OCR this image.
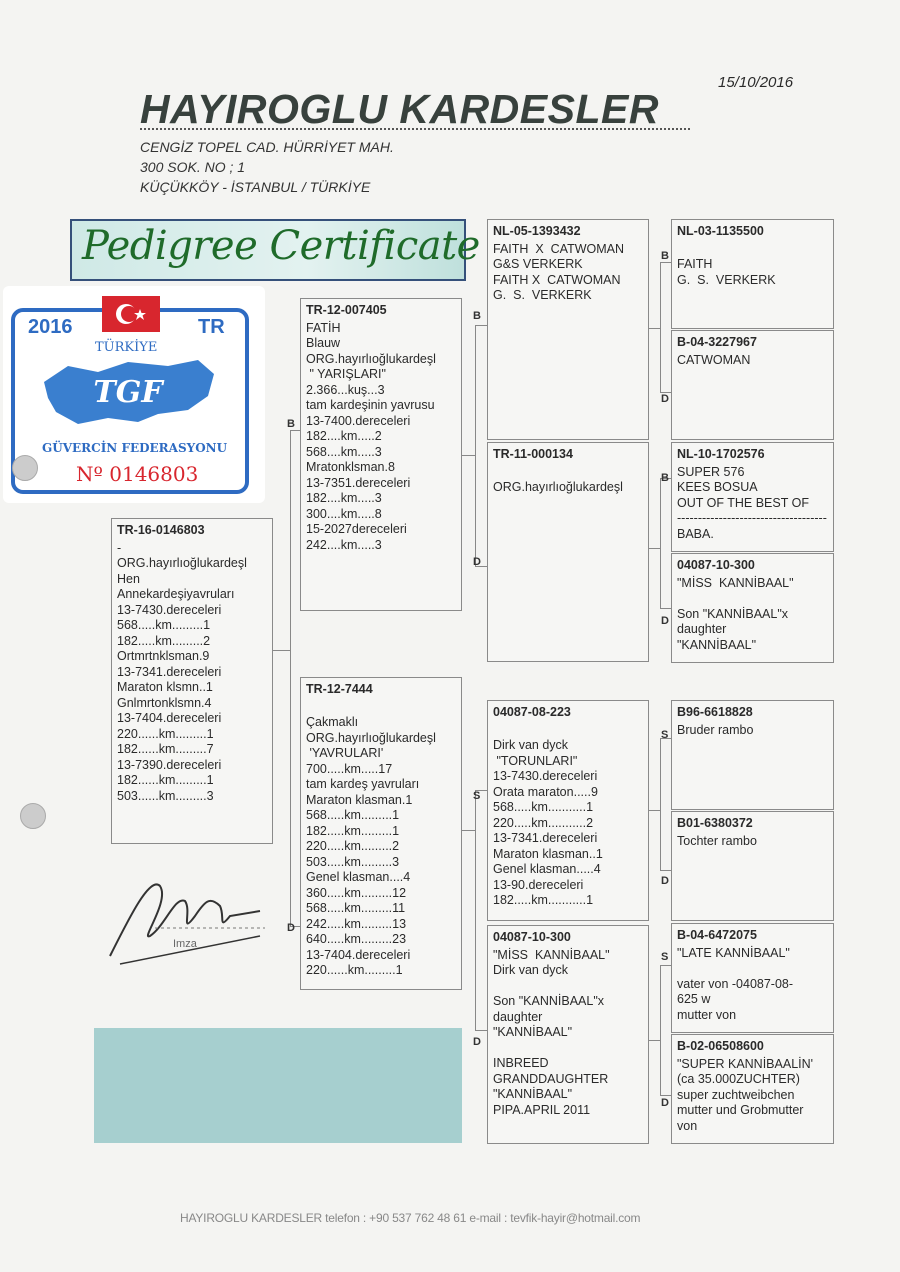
15/10/2016
HAYIROGLU KARDESLER
CENGİZ TOPEL CAD. HÜRRİYET MAH.
300 SOK. NO ; 1
KÜÇÜKKÖY - İSTANBUL / TÜRKİYE
Pedigree Certificate
2016	TR
TÜRKİYE
TGF
GÜVERCİN FEDERASYONU
Nº 0146803
B
D
B
D
S
D
B
D
B
D
S
D
S
D
TR-16-0146803
-
ORG.hayırlıoğlukardeşl
Hen
Annekardeşiyavruları
13-7430.dereceleri
568.....km.........1
182.....km.........2
Ortmrtnklsman.9
13-7341.dereceleri
Maraton klsmn..1
Gnlmrtonklsmn.4
13-7404.dereceleri
220......km.........1
182......km.........7
13-7390.dereceleri
182......km.........1
503......km.........3
TR-12-007405
FATİH
Blauw
ORG.hayırlıoğlukardeşl
" YARIŞLARI"
2.366...kuş...3
tam kardeşinin yavrusu
13-7400.dereceleri
182....km.....2
568....km.....3
Mratonklsman.8
13-7351.dereceleri
182....km.....3
300....km.....8
15-2027dereceleri
242....km.....3
TR-12-7444
Çakmaklı
ORG.hayırlıoğlukardeşl
'YAVRULARI'
700.....km.....17
tam kardeş yavruları
Maraton klasman.1
568.....km.........1
182.....km.........1
220.....km.........2
503.....km.........3
Genel klasman....4
360.....km.........12
568.....km.........11
242.....km.........13
640.....km.........23
13-7404.dereceleri
220......km.........1
NL-05-1393432
FAITH  X  CATWOMAN
G&S VERKERK
FAITH X  CATWOMAN
G.  S.  VERKERK
TR-11-000134
ORG.hayırlıoğlukardeşl
04087-08-223
Dirk van dyck
"TORUNLARI"
13-7430.dereceleri
Orata maraton.....9
568.....km...........1
220.....km...........2
13-7341.dereceleri
Maraton klasman..1
Genel klasman.....4
13-90.dereceleri
182.....km...........1
04087-10-300
"MİSS  KANNİBAAL"
Dirk van dyck
Son "KANNİBAAL"x
daughter
"KANNİBAAL"
INBREED
GRANDDAUGHTER
"KANNİBAAL"
PIPA.APRIL 2011
NL-03-1135500
FAITH
G.  S.  VERKERK
B-04-3227967
CATWOMAN
NL-10-1702576
SUPER 576
KEES BOSUA
OUT OF THE BEST OF
------------------------------------
BABA.
04087-10-300
"MİSS  KANNİBAAL"
Son "KANNİBAAL"x
daughter
"KANNİBAAL"
B96-6618828
Bruder rambo
B01-6380372
Tochter rambo
B-04-6472075
"LATE KANNİBAAL"
vater von -04087-08-
625 w
mutter von
B-02-06508600
"SUPER KANNİBAALİN'
(ca 35.000ZUCHTER)
super zuchtweibchen
mutter und Grobmutter
von
Imza
HAYIROGLU KARDESLER telefon : +90 537 762 48 61 e-mail : tevfik-hayir@hotmail.com
